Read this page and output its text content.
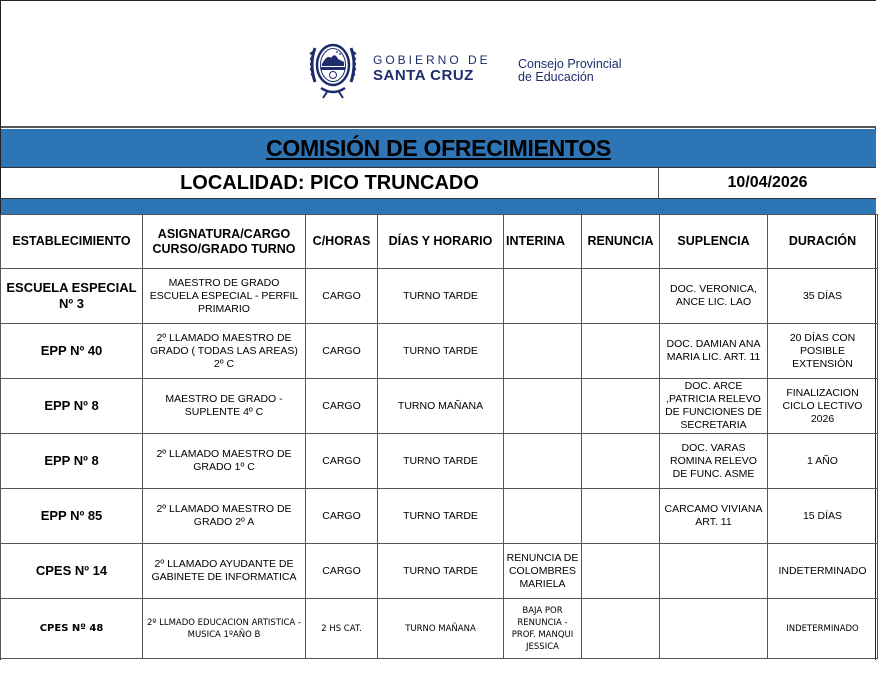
GOBIERNO DE
SANTA CRUZ
Consejo Provincial
de Educación
COMISIÓN DE OFRECIMIENTOS
LOCALIDAD: PICO TRUNCADO	10/04/2026
ESTABLECIMIENTO	ASIGNATURA/CARGO CURSO/GRADO TURNO	C/HORAS	DÍAS Y HORARIO	INTERINA	RENUNCIA	SUPLENCIA	DURACIÓN
ESCUELA ESPECIAL Nº 3	MAESTRO DE GRADO ESCUELA ESPECIAL - PERFIL PRIMARIO	CARGO	TURNO TARDE			DOC. VERONICA, ANCE LIC. LAO	35 DÍAS
EPP Nº 40	2º LLAMADO MAESTRO DE GRADO ( TODAS LAS AREAS) 2º C	CARGO	TURNO TARDE			DOC. DAMIAN ANA MARIA LIC. ART. 11	20 DÍAS CON POSIBLE EXTENSIÒN
EPP Nº 8	MAESTRO DE GRADO -SUPLENTE 4º C	CARGO	TURNO MAÑANA			DOC. ARCE ,PATRICIA RELEVO DE FUNCIONES DE SECRETARIA	FINALIZACION CICLO LECTIVO 2026
EPP Nº 8	2º LLAMADO MAESTRO DE GRADO 1º C	CARGO	TURNO TARDE			DOC. VARAS ROMINA RELEVO DE FUNC. ASME	1 AÑO
EPP Nº 85	2º LLAMADO MAESTRO DE GRADO 2º A	CARGO	TURNO TARDE			CARCAMO VIVIANA ART. 11	15 DÍAS
CPES Nº 14	2º LLAMADO AYUDANTE DE GABINETE DE INFORMATICA	CARGO	TURNO TARDE	RENUNCIA DE COLOMBRES MARIELA			INDETERMINADO
CPES Nº 48	2º LLMADO EDUCACION ARTISTICA - MUSICA 1ºAÑO B	2 HS CAT.	TURNO MAÑANA	BAJA POR RENUNCIA - PROF. MANQUI JESSICA			INDETERMINADO
